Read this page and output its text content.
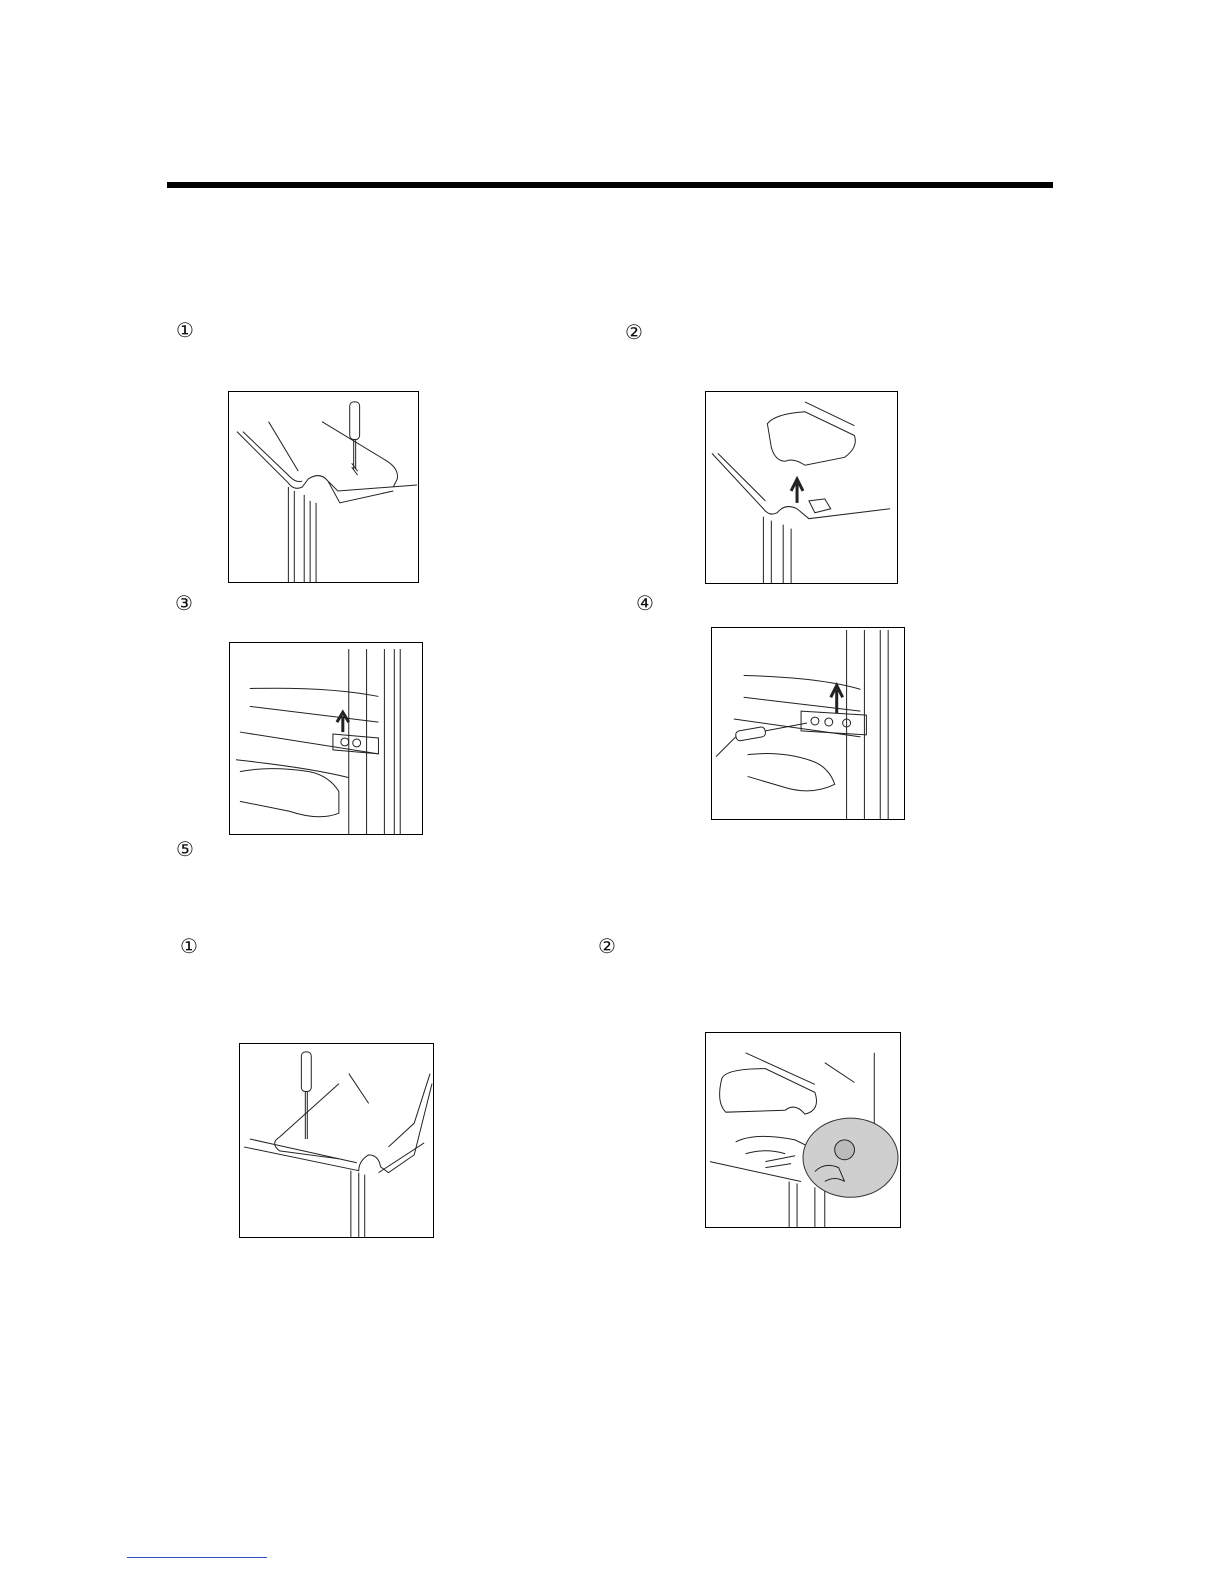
①	②
③	④
⑤
①	②
